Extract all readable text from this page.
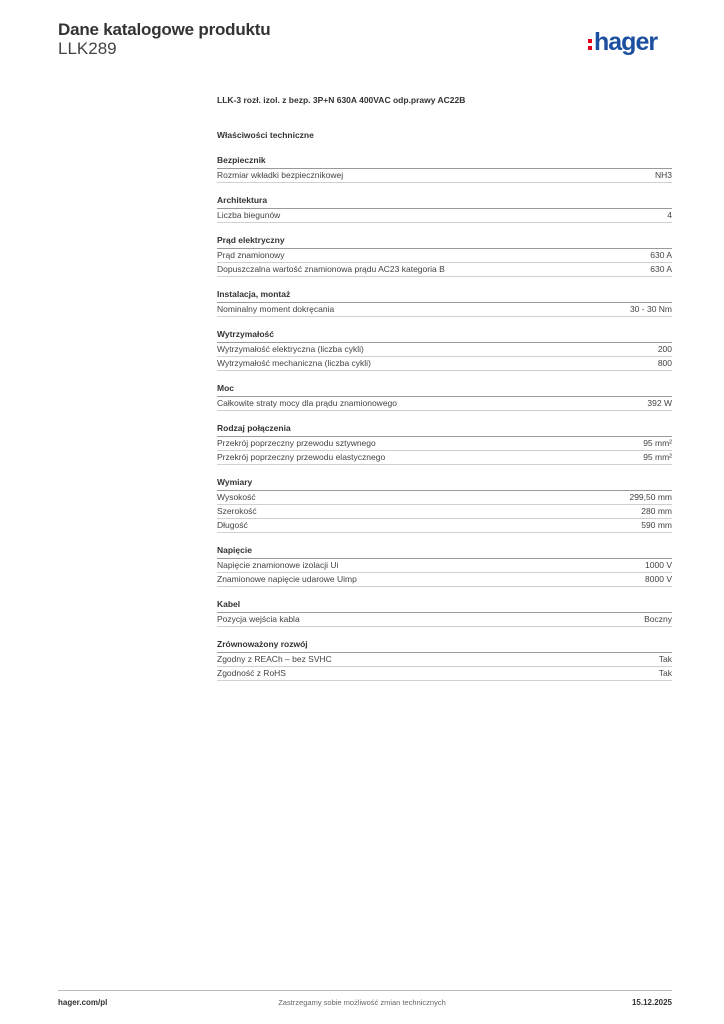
Dane katalogowe produktu
LLK289	hager
LLK-3 rozł. izol. z bezp. 3P+N 630A 400VAC odp.prawy AC22B
Właściwości techniczne
Bezpiecznik
Rozmiar wkładki bezpiecznikowej	NH3
Architektura
Liczba biegunów	4
Prąd elektryczny
Prąd znamionowy	630 A
Dopuszczalna wartość znamionowa prądu AC23 kategoria B	630 A
Instalacja, montaż
Nominalny moment dokręcania	30 - 30 Nm
Wytrzymałość
Wytrzymałość elektryczna (liczba cykli)	200
Wytrzymałość mechaniczna (liczba cykli)	800
Moc
Całkowite straty mocy dla prądu znamionowego	392 W
Rodzaj połączenia
Przekrój poprzeczny przewodu sztywnego	95 mm²
Przekrój poprzeczny przewodu elastycznego	95 mm²
Wymiary
Wysokość	299,50 mm
Szerokość	280 mm
Długość	590 mm
Napięcie
Napięcie znamionowe izolacji Ui	1000 V
Znamionowe napięcie udarowe Uimp	8000 V
Kabel
Pozycja wejścia kabla	Boczny
Zrównoważony rozwój
Zgodny z REACh – bez SVHC	Tak
Zgodność z RoHS	Tak
hager.com/pl	Zastrzegamy sobie możliwość zmian technicznych	15.12.2025
